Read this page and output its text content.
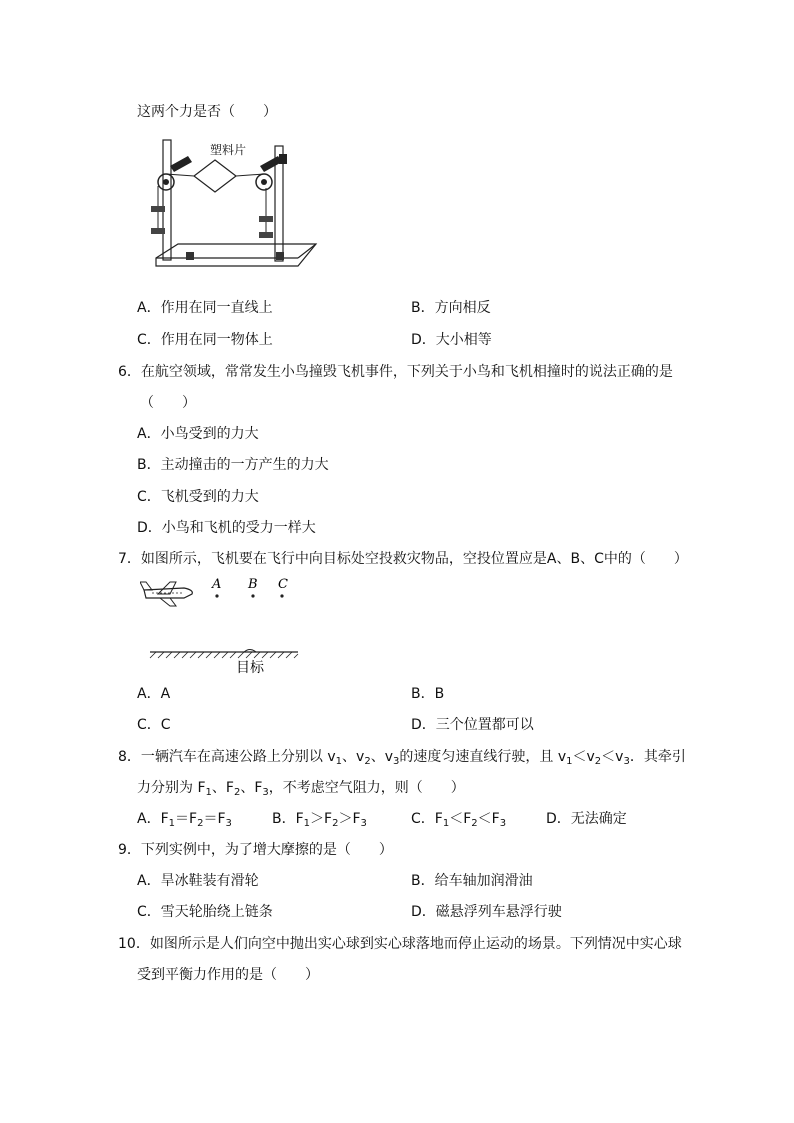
这两个力是否（　　）
塑料片
A．作用在同一直线上	B．方向相反
C．作用在同一物体上	D．大小相等
6．在航空领域，常常发生小鸟撞毁飞机事件，下列关于小鸟和飞机相撞时的说法正确的是
（　　）
A．小鸟受到的力大
B．主动撞击的一方产生的力大
C．飞机受到的力大
D．小鸟和飞机的受力一样大
7．如图所示，飞机要在飞行中向目标处空投救灾物品，空投位置应是A、B、C中的（　　）
A B C
目标
A．A	B．B
C．C	D．三个位置都可以
8．一辆汽车在高速公路上分别以 $v_1$、$v_2$、$v_3$的速度匀速直线行驶，且 $v_1<v_2<v_3$．其牵引
力分别为 $F_1$、$F_2$、$F_3$，不考虑空气阻力，则（　　）
A．$F_1=F_2=F_3$	B．$F_1>F_2>F_3$	C．$F_1<F_2<F_3$	D．无法确定
9．下列实例中，为了增大摩擦的是（　　）
A．旱冰鞋装有滑轮	B．给车轴加润滑油
C．雪天轮胎绕上链条	D．磁悬浮列车悬浮行驶
10．如图所示是人们向空中抛出实心球到实心球落地而停止运动的场景。下列情况中实心球
受到平衡力作用的是（　　）
